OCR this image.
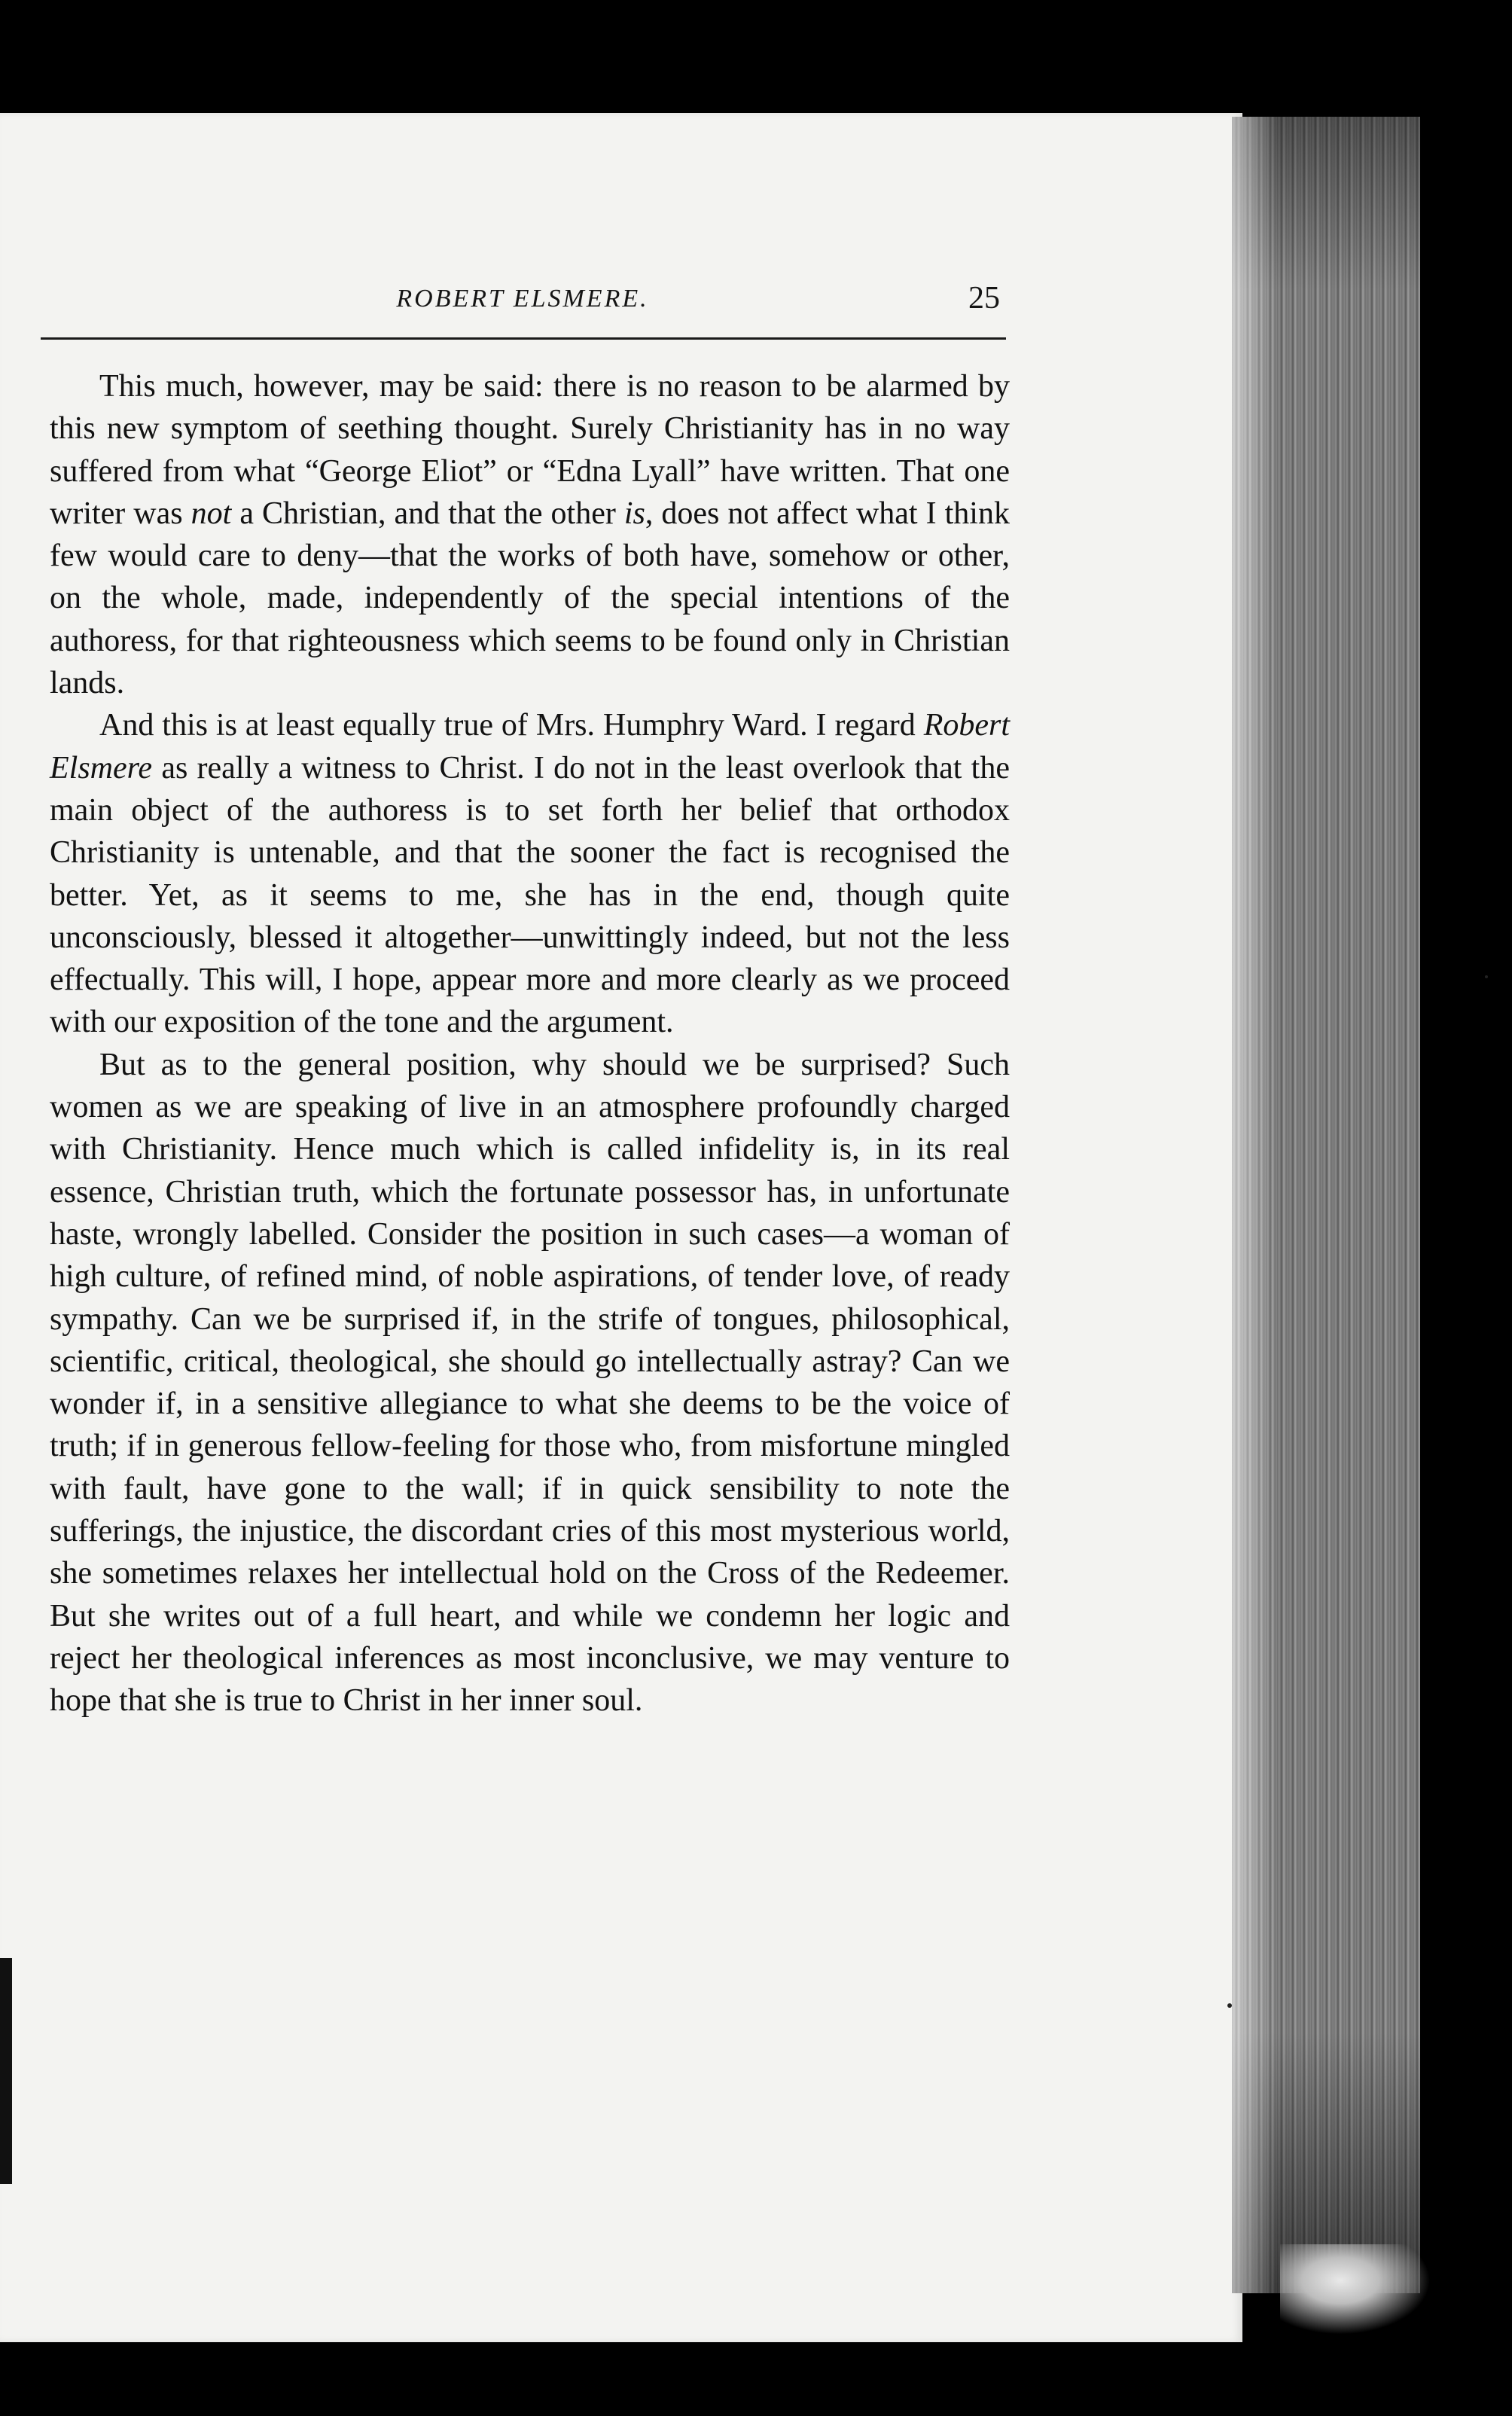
ROBERT ELSMERE.	25

This much, however, may be said: there is no reason to be alarmed by this new symptom of seething thought. Surely Christianity has in no way suffered from what “George Eliot” or “Edna Lyall” have written. That one writer was not a Christian, and that the other is, does not affect what I think few would care to deny—that the works of both have, somehow or other, on the whole, made, independently of the special intentions of the authoress, for that righteousness which seems to be found only in Christian lands.

And this is at least equally true of Mrs. Humphry Ward. I regard Robert Elsmere as really a witness to Christ. I do not in the least overlook that the main object of the authoress is to set forth her belief that orthodox Christianity is untenable, and that the sooner the fact is recognised the better. Yet, as it seems to me, she has in the end, though quite unconsciously, blessed it altogether—unwittingly indeed, but not the less effectually. This will, I hope, appear more and more clearly as we proceed with our exposition of the tone and the argument.

But as to the general position, why should we be surprised? Such women as we are speaking of live in an atmosphere profoundly charged with Christianity. Hence much which is called infidelity is, in its real essence, Christian truth, which the fortunate possessor has, in unfortunate haste, wrongly labelled. Consider the position in such cases—a woman of high culture, of refined mind, of noble aspirations, of tender love, of ready sympathy. Can we be surprised if, in the strife of tongues, philosophical, scientific, critical, theological, she should go intellectually astray? Can we wonder if, in a sensitive allegiance to what she deems to be the voice of truth; if in generous fellow-feeling for those who, from misfortune mingled with fault, have gone to the wall; if in quick sensibility to note the sufferings, the injustice, the discordant cries of this most mysterious world, she sometimes relaxes her intellectual hold on the Cross of the Redeemer. But she writes out of a full heart, and while we condemn her logic and reject her theological inferences as most inconclusive, we may venture to hope that she is true to Christ in her inner soul.
